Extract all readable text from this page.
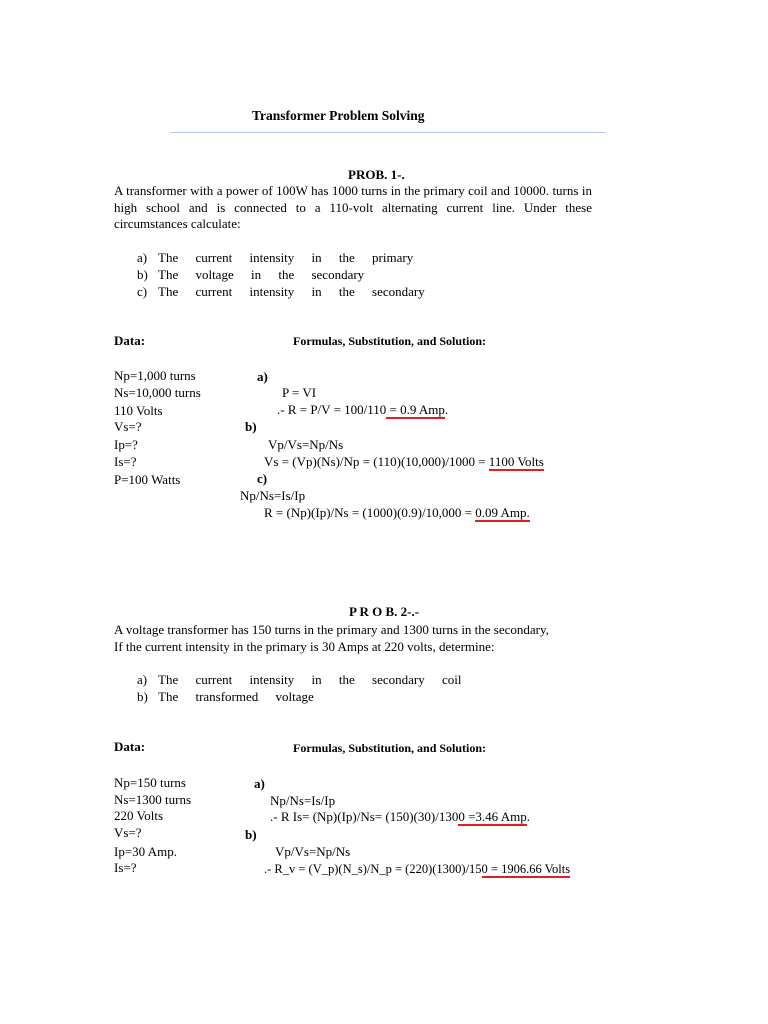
Transformer Problem Solving
PROB. 1-.
A transformer with a power of 100W has 1000 turns in the primary coil and 10000. turns in high school and is connected to a 110-volt alternating current line. Under these circumstances calculate:
a) The current intensity in the primary
b) The voltage in the secondary
c) The current intensity in the secondary
Data:	Formulas, Substitution, and Solution:
Np=1,000 turns
Ns=10,000 turns
110 Volts
Vs=?
Ip=?
Is=?
P=100 Watts
a)
P = VI
.- R = P/V = 100/110 = 0.9 Amp.
b)
Vp/Vs=Np/Ns
Vs = (Vp)(Ns)/Np = (110)(10,000)/1000 = 1100 Volts
c)
Np/Ns=Is/Ip
R = (Np)(Ip)/Ns = (1000)(0.9)/10,000 = 0.09 Amp.
P R O B. 2-.-
A voltage transformer has 150 turns in the primary and 1300 turns in the secondary,
If the current intensity in the primary is 30 Amps at 220 volts, determine:
a) The current intensity in the secondary coil
b) The transformed voltage
Data:	Formulas, Substitution, and Solution:
Np=150 turns
Ns=1300 turns
220 Volts
Vs=?
Ip=30 Amp.
Is=?
a)
Np/Ns=Is/Ip
.- R Is= (Np)(Ip)/Ns= (150)(30)/1300 =3.46 Amp.
b)
Vp/Vs=Np/Ns
.- R_v = (V_p)(N_s)/N_p = (220)(1300)/150 = 1906.66 Volts
